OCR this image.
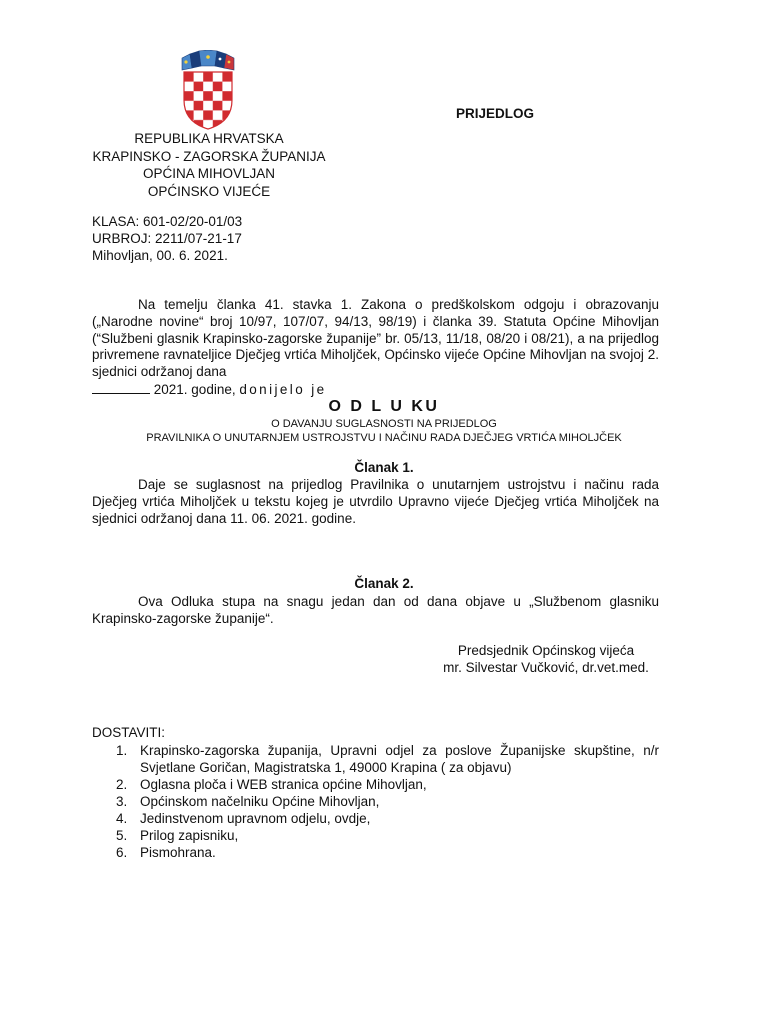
PRIJEDLOG
REPUBLIKA HRVATSKA
KRAPINSKO - ZAGORSKA ŽUPANIJA
OPĆINA MIHOVLJAN
OPĆINSKO VIJEĆE
KLASA: 601-02/20-01/03
URBROJ: 2211/07-21-17
Mihovljan, 00. 6. 2021.

Na temelju članka 41. stavka 1. Zakona o predškolskom odgoju i obrazovanju („Narodne novine“ broj 10/97, 107/07, 94/13, 98/19) i članka 39. Statuta Općine Mihovljan (“Službeni glasnik Krapinsko-zagorske županije” br. 05/13, 11/18, 08/20 i 08/21), a na prijedlog privremene ravnateljice Dječjeg vrtića Miholjček, Općinsko vijeće Općine Mihovljan na svojoj 2. sjednici održanoj dana

2021. godine, donijelo je

O D L U KU
O DAVANJU SUGLASNOSTI NA PRIJEDLOG
PRAVILNIKA O UNUTARNJEM USTROJSTVU I NAČINU RADA DJEČJEG VRTIĆA MIHOLJČEK
Članak 1.

Daje se suglasnost na prijedlog Pravilnika o unutarnjem ustrojstvu i načinu rada Dječjeg vrtića Miholjček u tekstu kojeg je utvrdilo Upravno vijeće Dječjeg vrtića Miholjček na sjednici održanoj dana 11. 06. 2021. godine.

Članak 2.

Ova Odluka stupa na snagu jedan dan od dana objave u „Službenom glasniku Krapinsko-zagorske županije“.

Predsjednik Općinskog vijeća
mr. Silvestar Vučković, dr.vet.med.
DOSTAVITI:
1. Krapinsko-zagorska županija, Upravni odjel za poslove Županijske skupštine, n/r Svjetlane Goričan, Magistratska 1, 49000 Krapina ( za objavu)
2. Oglasna ploča i WEB stranica općine Mihovljan,
3. Općinskom načelniku Općine Mihovljan,
4. Jedinstvenom upravnom odjelu, ovdje,
5. Prilog zapisniku,
6. Pismohrana.
